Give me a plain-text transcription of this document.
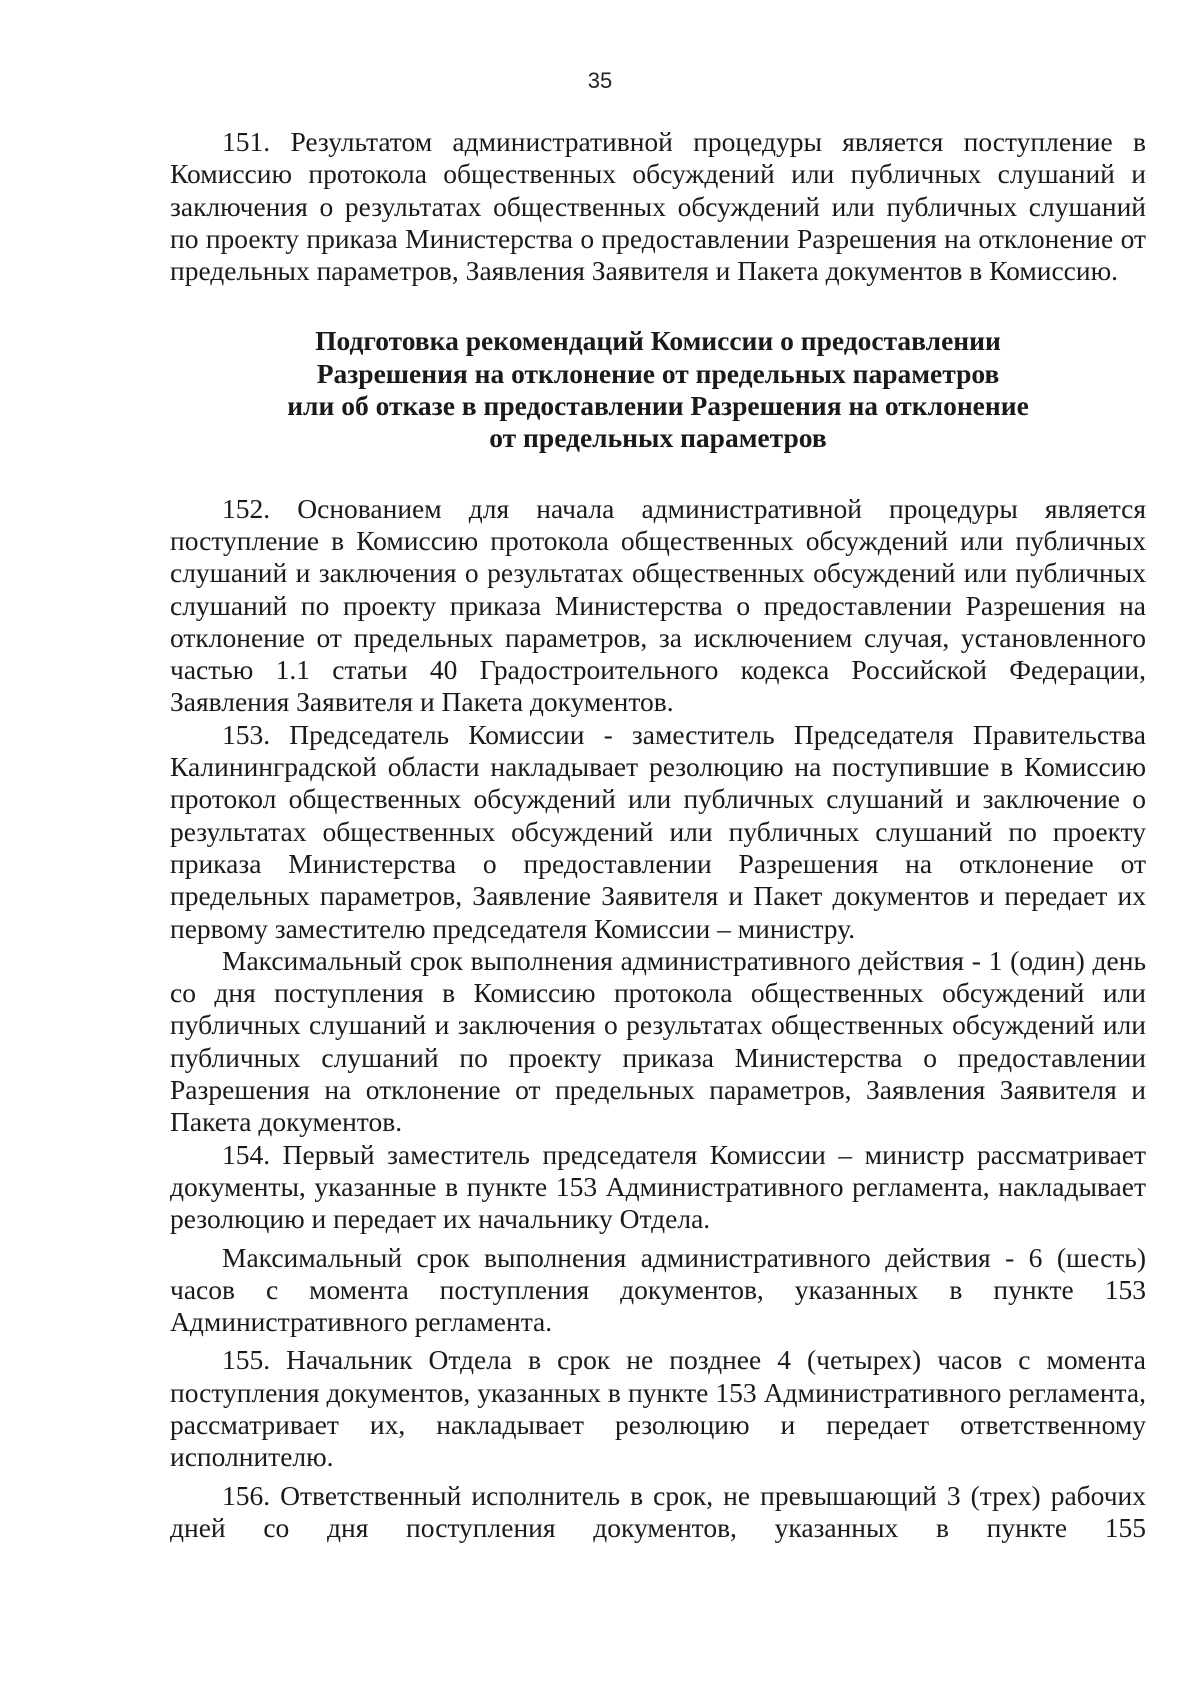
35

151. Результатом административной процедуры является поступление в Комиссию протокола общественных обсуждений или публичных слушаний и заключения о результатах общественных обсуждений или публичных слушаний по проекту приказа Министерства о предоставлении Разрешения на отклонение от предельных параметров, Заявления Заявителя и Пакета документов в Комиссию.

Подготовка рекомендаций Комиссии о предоставлении
Разрешения на отклонение от предельных параметров
или об отказе в предоставлении Разрешения на отклонение
от предельных параметров

152. Основанием для начала административной процедуры является поступление в Комиссию протокола общественных обсуждений или публичных слушаний и заключения о результатах общественных обсуждений или публичных слушаний по проекту приказа Министерства о предоставлении Разрешения на отклонение от предельных параметров, за исключением случая, установленного частью 1.1 статьи 40 Градостроительного кодекса Российской Федерации, Заявления Заявителя и Пакета документов.

153. Председатель Комиссии - заместитель Председателя Правительства Калининградской области накладывает резолюцию на поступившие в Комиссию протокол общественных обсуждений или публичных слушаний и заключение о результатах общественных обсуждений или публичных слушаний по проекту приказа Министерства о предоставлении Разрешения на отклонение от предельных параметров, Заявление Заявителя и Пакет документов и передает их первому заместителю председателя Комиссии – министру.

Максимальный срок выполнения административного действия - 1 (один) день со дня поступления в Комиссию протокола общественных обсуждений или публичных слушаний и заключения о результатах общественных обсуждений или публичных слушаний по проекту приказа Министерства о предоставлении Разрешения на отклонение от предельных параметров, Заявления Заявителя и Пакета документов.

154. Первый заместитель председателя Комиссии – министр рассматривает документы, указанные в пункте 153 Административного регламента, накладывает резолюцию и передает их начальнику Отдела.

Максимальный срок выполнения административного действия - 6 (шесть) часов с момента поступления документов, указанных в пункте 153 Административного регламента.

155. Начальник Отдела в срок не позднее 4 (четырех) часов с момента поступления документов, указанных в пункте 153 Административного регламента, рассматривает их, накладывает резолюцию и передает ответственному исполнителю.

156. Ответственный исполнитель в срок, не превышающий 3 (трех) рабочих дней со дня поступления документов, указанных в пункте 155
